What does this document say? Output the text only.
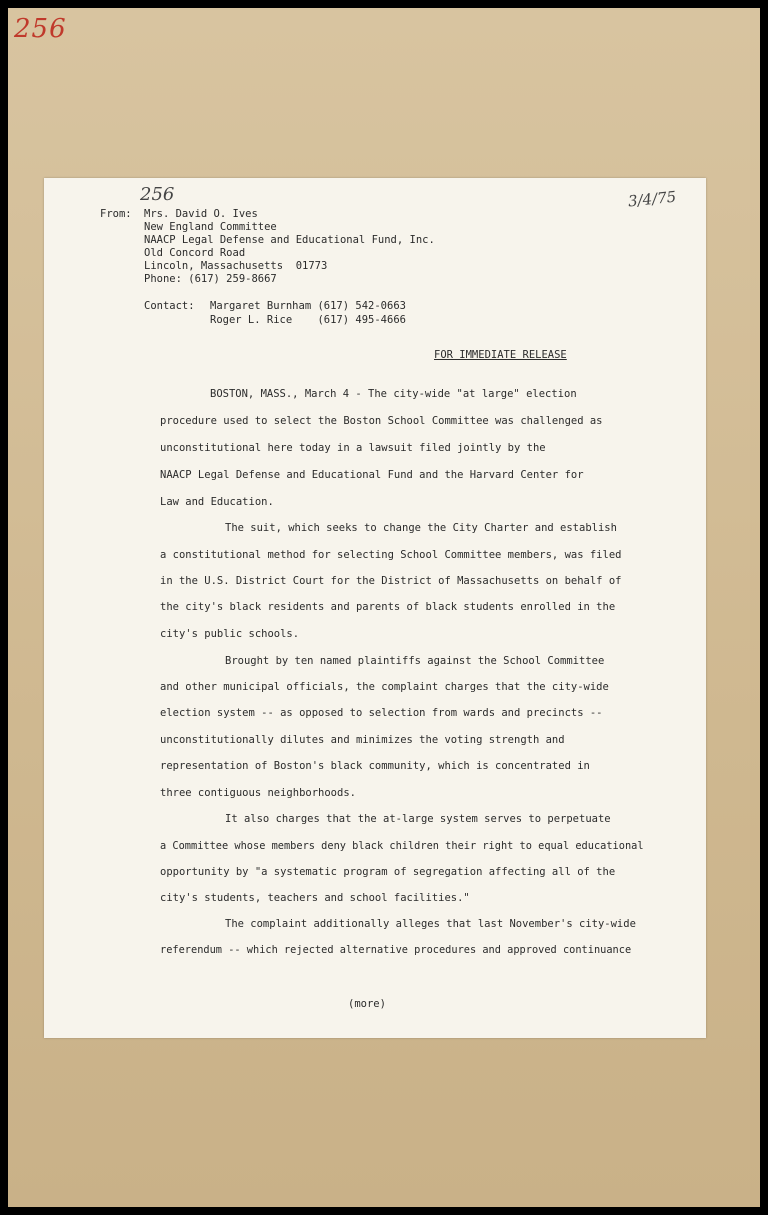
256
256	3/4/75
From: Mrs. David O. Ives
New England Committee
NAACP Legal Defense and Educational Fund, Inc.
Old Concord Road
Lincoln, Massachusetts  01773
Phone: (617) 259-8667
Contact: Margaret Burnham (617) 542-0663
Roger L. Rice    (617) 495-4666
FOR IMMEDIATE RELEASE
BOSTON, MASS., March 4 - The city-wide "at large" election
procedure used to select the Boston School Committee was challenged as
unconstitutional here today in a lawsuit filed jointly by the
NAACP Legal Defense and Educational Fund and the Harvard Center for
Law and Education.
The suit, which seeks to change the City Charter and establish
a constitutional method for selecting School Committee members, was filed
in the U.S. District Court for the District of Massachusetts on behalf of
the city's black residents and parents of black students enrolled in the
city's public schools.
Brought by ten named plaintiffs against the School Committee
and other municipal officials, the complaint charges that the city-wide
election system -- as opposed to selection from wards and precincts --
unconstitutionally dilutes and minimizes the voting strength and
representation of Boston's black community, which is concentrated in
three contiguous neighborhoods.
It also charges that the at-large system serves to perpetuate
a Committee whose members deny black children their right to equal educational
opportunity by "a systematic program of segregation affecting all of the
city's students, teachers and school facilities."
The complaint additionally alleges that last November's city-wide
referendum -- which rejected alternative procedures and approved continuance
(more)
